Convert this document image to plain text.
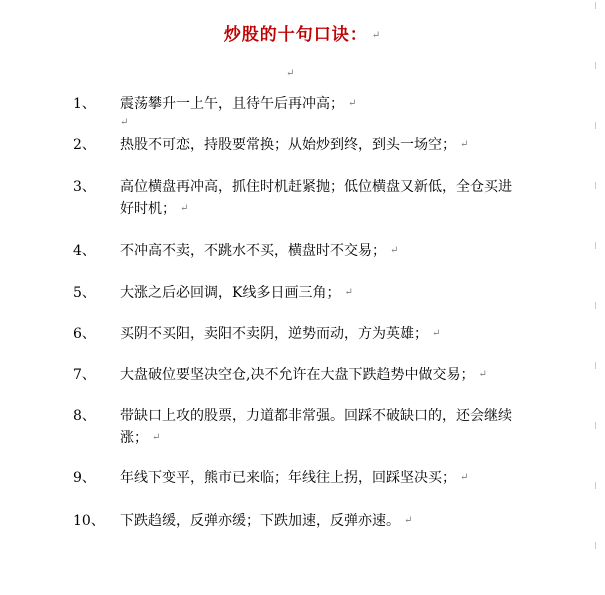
炒股的十句口诀： ↵
↵
1、 震荡攀升一上午，且待午后再冲高； ↵
↵
2、 热股不可恋，持股要常换；从始炒到终，到头一场空； ↵
3、 高位横盘再冲高，抓住时机赶紧抛；低位横盘又新低，全仓买进好时机； ↵
4、 不冲高不卖，不跳水不买，横盘时不交易； ↵
5、 大涨之后必回调，K线多日画三角； ↵
6、 买阴不买阳，卖阳不卖阴，逆势而动，方为英雄； ↵
7、 大盘破位要坚决空仓,决不允许在大盘下跌趋势中做交易； ↵
8、 带缺口上攻的股票，力道都非常强。回踩不破缺口的，还会继续涨； ↵
9、 年线下变平，熊市已来临；年线往上拐，回踩坚决买； ↵
10、 下跌趋缓，反弹亦缓；下跌加速，反弹亦速。 ↵
